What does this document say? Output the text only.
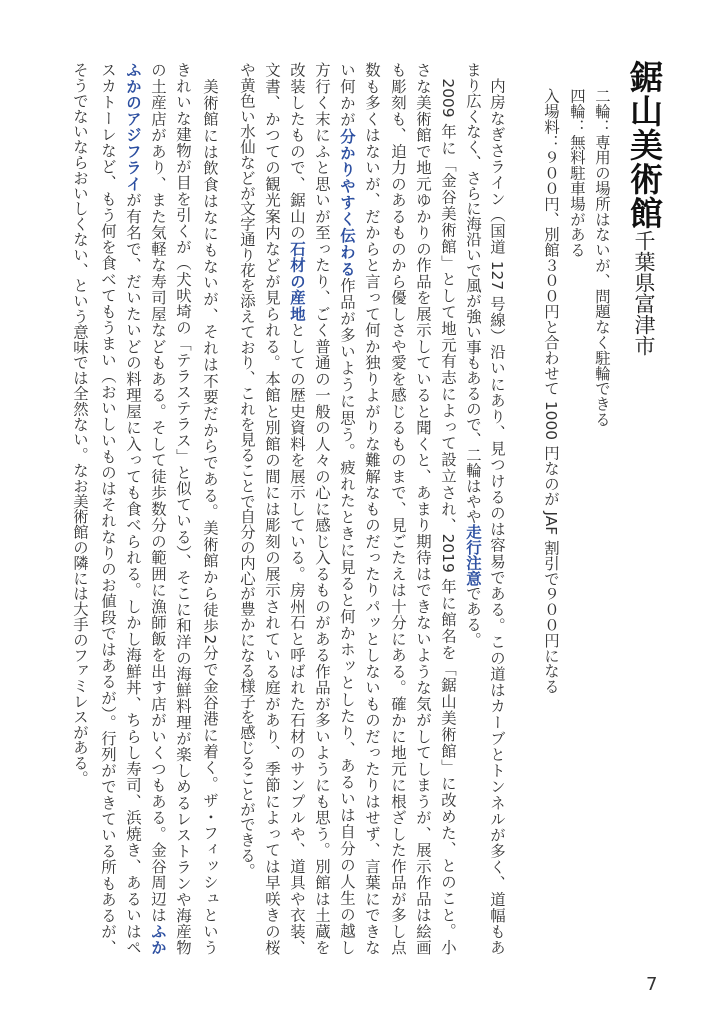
鋸山美術館
千葉県富津市
二輪：専用の場所はないが、問題なく駐輪できる
四輪：無料駐車場がある
入場料：９００円、別館３００円と合わせて 1000 円なのが JAF 割引で９００円になる
　内房なぎさライン（国道 127 号線）沿いにあり、見つけるのは容易である。この道はカーブとトンネルが多く、道幅もあ
まり広くなく、さらに海沿いで風が強い事もあるので、二輪はやや走行注意である。
　2009 年に「金谷美術館」として地元有志によって設立され、2019 年に館名を「鋸山美術館」に改めた、とのこと。小
さな美術館で地元ゆかりの作品を展示していると聞くと、あまり期待はできないような気がしてしまうが、展示作品は絵画
も彫刻も、迫力のあるものから優しさや愛を感じるものまで、見ごたえは十分にある。確かに地元に根ざした作品が多し点
数も多くはないが、だからと言って何か独りよがりな難解なものだったりパッとしないものだったりはせず、言葉にできな
い何かが分かりやすく伝わる作品が多いように思う。疲れたときに見ると何かホッとしたり、あるいは自分の人生の越し
方行く末にふと思いが至ったり、ごく普通の一般の人々の心に感じ入るものがある作品が多いようにも思う。別館は土蔵を
改装したもので、鋸山の石材の産地としての歴史資料を展示している。房州石と呼ばれた石材のサンプルや、道具や衣装、
文書、かつての観光案内などが見られる。本館と別館の間には彫刻の展示されている庭があり、季節によっては早咲きの桜
や黄色い水仙などが文字通り花を添えており、これを見ることで自分の内心が豊かになる様子を感じることができる。
　美術館には飲食はなにもないが、それは不要だからである。美術館から徒歩2分で金谷港に着く。ザ・フィッシュという
きれいな建物が目を引くが（犬吠埼の「テラステラス」と似ている）、そこに和洋の海鮮料理が楽しめるレストランや海産物
の土産店があり、また気軽な寿司屋などもある。そして徒歩数分の範囲に漁師飯を出す店がいくつもある。金谷周辺はふか
ふかのアジフライが有名で、だいたいどの料理屋に入っても食べられる。しかし海鮮丼、ちらし寿司、浜焼き、あるいはペ
スカトーレなど、もう何を食べてもうまい（おいしいものはそれなりのお値段ではあるが）。行列ができている所もあるが、
そうでないならおいしくない、という意味では全然ない。なお美術館の隣には大手のファミレスがある。
7
